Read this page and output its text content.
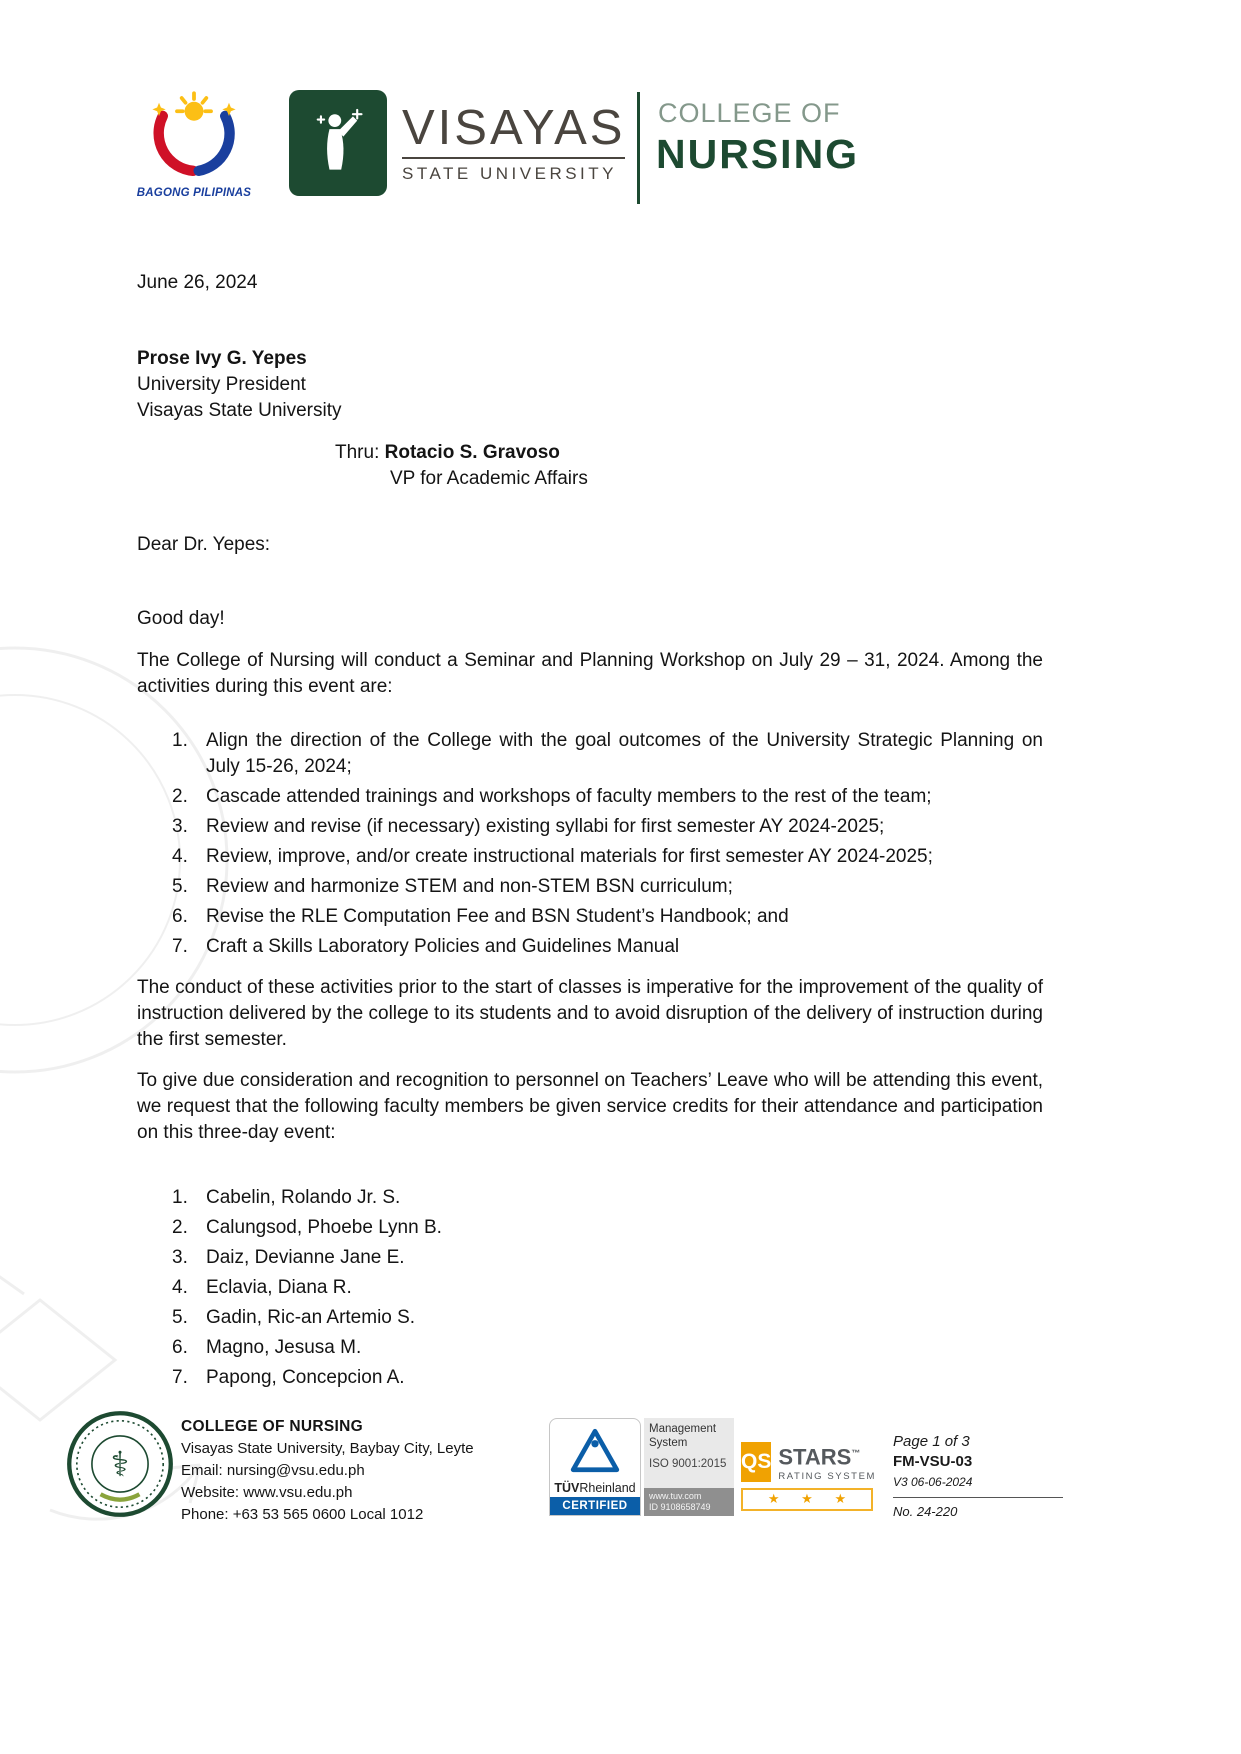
BAGONG PILIPINAS
VISAYAS
STATE UNIVERSITY
COLLEGE OF
NURSING
June 26, 2024
Prose Ivy G. Yepes
University President
Visayas State University
Thru: Rotacio S. Gravoso
VP for Academic Affairs
Dear Dr. Yepes:
Good day!

The College of Nursing will conduct a Seminar and Planning Workshop on July 29 – 31, 2024. Among the activities during this event are:

1. Align the direction of the College with the goal outcomes of the University Strategic Planning on July 15-26, 2024;
2. Cascade attended trainings and workshops of faculty members to the rest of the team;
3. Review and revise (if necessary) existing syllabi for first semester AY 2024-2025;
4. Review, improve, and/or create instructional materials for first semester AY 2024-2025;
5. Review and harmonize STEM and non-STEM BSN curriculum;
6. Revise the RLE Computation Fee and BSN Student’s Handbook; and
7. Craft a Skills Laboratory Policies and Guidelines Manual

The conduct of these activities prior to the start of classes is imperative for the improvement of the quality of instruction delivered by the college to its students and to avoid disruption of the delivery of instruction during the first semester.

To give due consideration and recognition to personnel on Teachers’ Leave who will be attending this event, we request that the following faculty members be given service credits for their attendance and participation on this three-day event:

1. Cabelin, Rolando Jr. S.
2. Calungsod, Phoebe Lynn B.
3. Daiz, Devianne Jane E.
4. Eclavia, Diana R.
5. Gadin, Ric-an Artemio S.
6. Magno, Jesusa M.
7. Papong, Concepcion A.
⚕
COLLEGE OF NURSING
Visayas State University, Baybay City, Leyte
Email: nursing@vsu.edu.ph
Website: www.vsu.edu.ph
Phone: +63 53 565 0600 Local 1012
TÜVRheinland
CERTIFIED
Management
System
ISO 9001:2015
www.tuv.com
ID 9108658749
QS STARS™
RATING SYSTEM
★ ★ ★
Page 1 of 3
FM-VSU-03
V3 06-06-2024
No. 24-220
